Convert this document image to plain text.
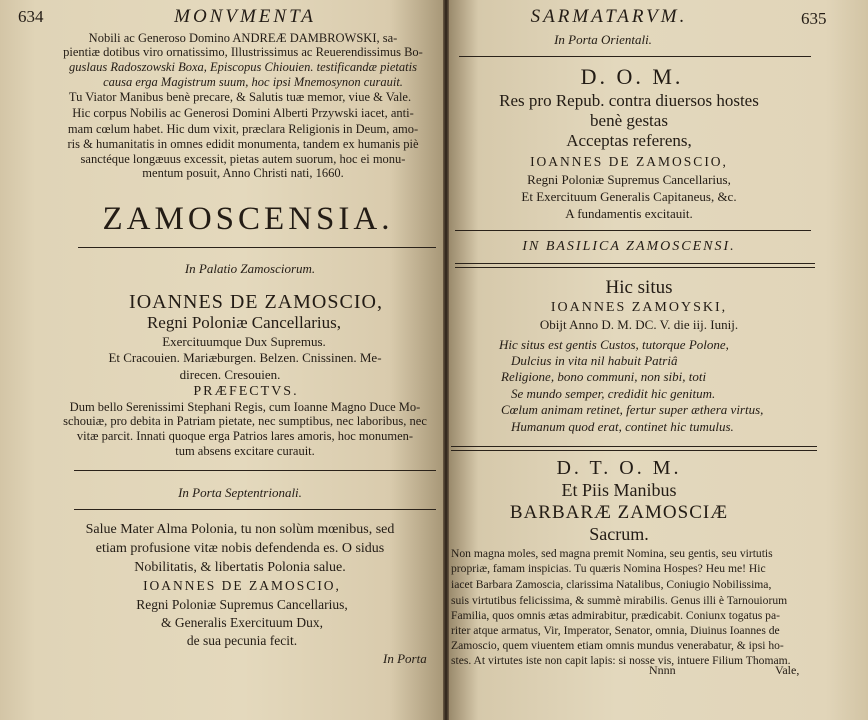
634	MONVMENTA
Nobili ac Generoso Domino ANDREÆ DAMBROWSKI, sa-
pientiæ dotibus viro ornatissimo, Illustrissimus ac Reuerendissimus Bo-
guslaus Radoszowski Boxa, Episcopus Chiouien. testificandæ pietatis
causa erga Magistrum suum, hoc ipsi Mnemosynon curauit.
Tu Viator Manibus benè precare, & Salutis tuæ memor, viue & Vale.
Hic corpus Nobilis ac Generosi Domini Alberti Przywski iacet, anti-
mam cœlum habet. Hic dum vixit, præclara Religionis in Deum, amo-
ris & humanitatis in omnes edidit monumenta, tandem ex humanis piè
sanctéque longæuus excessit, pietas autem suorum, hoc ei monu-
mentum posuit, Anno Christi nati, 1660.
ZAMOSCENSIA.
In Palatio Zamosciorum.
IOANNES DE ZAMOSCIO,
Regni Poloniæ Cancellarius,
Exercituumque Dux Supremus.
Et Cracouien. Mariæburgen. Belzen. Cnissinen. Me-
direcen. Cresouien.
PRÆFECTVS.
Dum bello Serenissimi Stephani Regis, cum Ioanne Magno Duce Mo-
schouiæ, pro debita in Patriam pietate, nec sumptibus, nec laboribus, nec
vitæ parcit. Innati quoque erga Patrios lares amoris, hoc monumen-
tum absens excitare curauit.
In Porta Septentrionali.
Salue Mater Alma Polonia, tu non solùm mœnibus, sed
etiam profusione vitæ nobis defendenda es. O sidus
Nobilitatis, & libertatis Polonia salue.
IOANNES DE ZAMOSCIO,
Regni Poloniæ Supremus Cancellarius,
& Generalis Exercituum Dux,
de sua pecunia fecit.
In Porta
SARMATARVM.	635
In Porta Orientali.
D. O. M.
Res pro Repub. contra diuersos hostes
benè gestas
Acceptas referens,
IOANNES DE ZAMOSCIO,
Regni Poloniæ Supremus Cancellarius,
Et Exercituum Generalis Capitaneus, &c.
A fundamentis excitauit.
IN BASILICA ZAMOSCENSI.
Hic situs
IOANNES ZAMOYSKI,
Obijt Anno D. M. DC. V. die iij. Iunij.
Hic situs est gentis Custos, tutorque Polone,
Dulcius in vita nil habuit Patriâ
Religione, bono communi, non sibi, toti
Se mundo semper, credidit hic genitum.
Cœlum animam retinet, fertur super æthera virtus,
Humanum quod erat, continet hic tumulus.
D. T. O. M.
Et Piis Manibus
BARBARÆ ZAMOSCIÆ
Sacrum.
Non magna moles, sed magna premit Nomina, seu gentis, seu virtutis
propriæ, famam inspicias. Tu quæris Nomina Hospes? Heu me! Hic
iacet Barbara Zamoscia, clarissima Natalibus, Coniugio Nobilissima,
suis virtutibus felicissima, & summè mirabilis. Genus illi è Tarnouiorum
Familia, quos omnis ætas admirabitur, prædicabit. Coniunx togatus pa-
riter atque armatus, Vir, Imperator, Senator, omnia, Diuinus Ioannes de
Zamoscio, quem viuentem etiam omnis mundus venerabatur, & ipsi ho-
stes. At virtutes iste non capit lapis: si nosse vis, intuere Filium Thomam.
Nnnn	Vale,
